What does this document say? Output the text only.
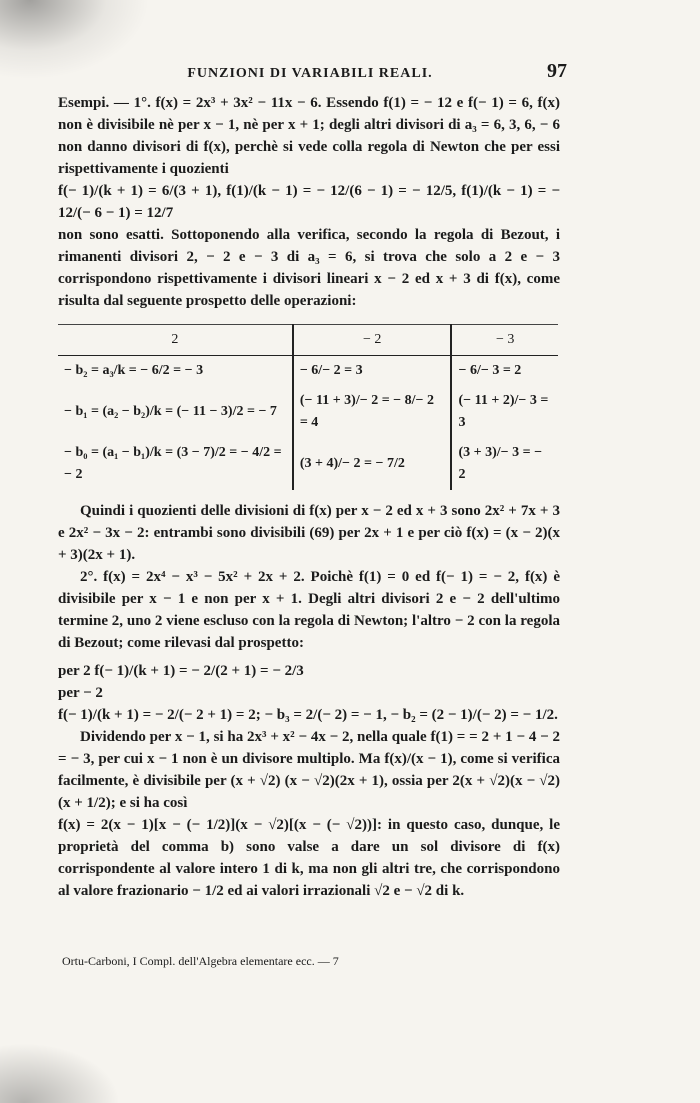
FUNZIONI DI VARIABILI REALI.	97

Esempi. — 1°. f(x) = 2x³ + 3x² − 11x − 6. Essendo f(1) = − 12 e f(− 1) = 6, f(x) non è divisibile nè per x − 1, nè per x + 1; degli altri divisori di a₃ = 6, 3, 6, − 6 non danno divisori di f(x), perchè si vede colla regola di Newton che per essi rispettivamente i quozienti

f(− 1)/(k + 1) = 6/(3 + 1), f(1)/(k − 1) = − 12/(6 − 1) = − 12/5, f(1)/(k − 1) = − 12/(− 6 − 1) = 12/7

non sono esatti. Sottoponendo alla verifica, secondo la regola di Bezout, i rimanenti divisori 2, − 2 e − 3 di a₃ = 6, si trova che solo a 2 e − 3 corrispondono rispettivamente i divisori lineari x − 2 ed x + 3 di f(x), come risulta dal seguente prospetto delle operazioni:

2	− 2	− 3
− b₂ = a₃/k = − 6/2 = − 3	− 6/− 2 = 3	− 6/− 3 = 2
− b₁ = (a₂ − b₂)/k = (− 11 − 3)/2 = − 7	(− 11 + 3)/− 2 = − 8/− 2 = 4	(− 11 + 2)/− 3 = 3
− b₀ = (a₁ − b₁)/k = (3 − 7)/2 = − 4/2 = − 2	(3 + 4)/− 2 = − 7/2	(3 + 3)/− 3 = − 2

Quindi i quozienti delle divisioni di f(x) per x − 2 ed x + 3 sono 2x² + 7x + 3 e 2x² − 3x − 2: entrambi sono divisibili (69) per 2x + 1 e per ciò f(x) = (x − 2)(x + 3)(2x + 1).

2°. f(x) = 2x⁴ − x³ − 5x² + 2x + 2. Poichè f(1) = 0 ed f(− 1) = − 2, f(x) è divisibile per x − 1 e non per x + 1. Degli altri divisori 2 e − 2 dell'ultimo termine 2, uno 2 viene escluso con la regola di Newton; l'altro − 2 con la regola di Bezout; come rilevasi dal prospetto:

per 2 f(− 1)/(k + 1) = − 2/(2 + 1) = − 2/3

per − 2

f(− 1)/(k + 1) = − 2/(− 2 + 1) = 2; − b₃ = 2/(− 2) = − 1, − b₂ = (2 − 1)/(− 2) = − 1/2.

Dividendo per x − 1, si ha 2x³ + x² − 4x − 2, nella quale f(1) = = 2 + 1 − 4 − 2 = − 3, per cui x − 1 non è un divisore multiplo. Ma f(x)/(x − 1), come si verifica facilmente, è divisibile per (x + √2) (x − √2)(2x + 1), ossia per 2(x + √2)(x − √2)(x + 1/2); e si ha così

f(x) = 2(x − 1)[x − (− 1/2)](x − √2)[(x − (− √2))]: in questo caso, dunque, le proprietà del comma b) sono valse a dare un sol divisore di f(x) corrispondente al valore intero 1 di k, ma non gli altri tre, che corrispondono al valore frazionario − 1/2 ed ai valori irrazionali √2 e − √2 di k.

Ortu-Carboni, I Compl. dell'Algebra elementare ecc. — 7
